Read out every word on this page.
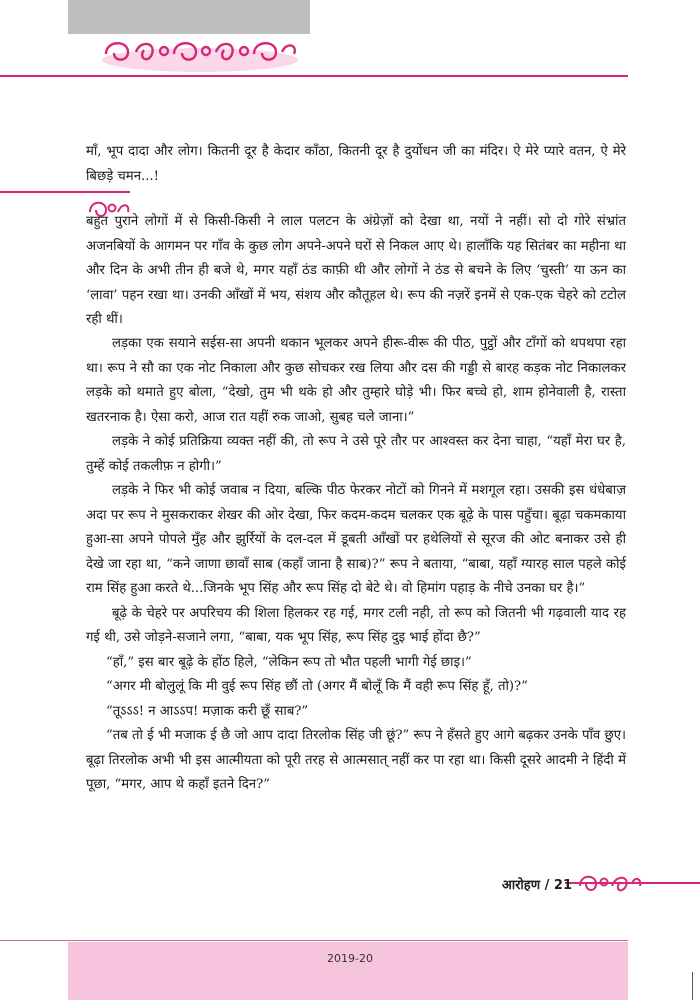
माँ, भूप दादा और लोग। कितनी दूर है केदार काँठा, कितनी दूर है दुर्योधन जी का मंदिर। ऐ मेरे प्यारे वतन, ऐ मेरे बिछड़े चमन...!

बहुत पुराने लोगों में से किसी-किसी ने लाल पलटन के अंग्रेज़ों को देखा था, नयों ने नहीं। सो दो गोरे संभ्रांत अजनबियों के आगमन पर गाँव के कुछ लोग अपने-अपने घरों से निकल आए थे। हालाँकि यह सितंबर का महीना था और दिन के अभी तीन ही बजे थे, मगर यहाँ ठंड काफ़ी थी और लोगों ने ठंड से बचने के लिए ‘चुस्ती’ या ऊन का ‘लावा’ पहन रखा था। उनकी आँखों में भय, संशय और कौतूहल थे। रूप की नज़रें इनमें से एक-एक चेहरे को टटोल रही थीं।

लड़का एक सयाने सईस-सा अपनी थकान भूलकर अपने हीरू-वीरू की पीठ, पुट्ठों और टाँगों को थपथपा रहा था। रूप ने सौ का एक नोट निकाला और कुछ सोचकर रख लिया और दस की गड्डी से बारह कड़क नोट निकालकर लड़के को थमाते हुए बोला, “देखो, तुम भी थके हो और तुम्हारे घोड़े भी। फिर बच्चे हो, शाम होनेवाली है, रास्ता खतरनाक है। ऐसा करो, आज रात यहीं रुक जाओ, सुबह चले जाना।”

लड़के ने कोई प्रतिक्रिया व्यक्त नहीं की, तो रूप ने उसे पूरे तौर पर आश्वस्त कर देना चाहा, “यहाँ मेरा घर है, तुम्हें कोई तकलीफ़ न होगी।”

लड़के ने फिर भी कोई जवाब न दिया, बल्कि पीठ फेरकर नोटों को गिनने में मशगूल रहा। उसकी इस धंधेबाज़ अदा पर रूप ने मुसकराकर शेखर की ओर देखा, फिर कदम-कदम चलकर एक बूढ़े के पास पहुँचा। बूढ़ा चकमकाया हुआ-सा अपने पोपले मुँह और झुर्रियों के दल-दल में डूबती आँखों पर हथेलियों से सूरज की ओट बनाकर उसे ही देखे जा रहा था, “कने जाणा छावाँ साब (कहाँ जाना है साब)?” रूप ने बताया, “बाबा, यहाँ ग्यारह साल पहले कोई राम सिंह हुआ करते थे...जिनके भूप सिंह और रूप सिंह दो बेटे थे। वो हिमांग पहाड़ के नीचे उनका घर है।”

बूढ़े के चेहरे पर अपरिचय की शिला हिलकर रह गई, मगर टली नही, तो रूप को जितनी भी गढ़वाली याद रह गई थी, उसे जोड़ने-सजाने लगा, “बाबा, यक भूप सिंह, रूप सिंह दुइ भाई होंदा छै?”

“हाँ,” इस बार बूढ़े के होंठ हिले, “लेकिन रूप तो भौत पहली भागी गेई छाइ।”

“अगर मी बोलुलूं कि मी वुई रूप सिंह छौं तो (अगर मैं बोलूँ कि मैं वही रूप सिंह हूँ, तो)?”

“तूऽऽऽ! न आऽऽप! मज़ाक करी छूँ साब?”

“तब तो ई भी मजाक ई छै जो आप दादा तिरलोक सिंह जी छूं?” रूप ने हँसते हुए आगे बढ़कर उनके पाँव छुए। बूढ़ा तिरलोक अभी भी इस आत्मीयता को पूरी तरह से आत्मसात् नहीं कर पा रहा था। किसी दूसरे आदमी ने हिंदी में पूछा, “मगर, आप थे कहाँ इतने दिन?”

आरोहण / 21
2019-20
